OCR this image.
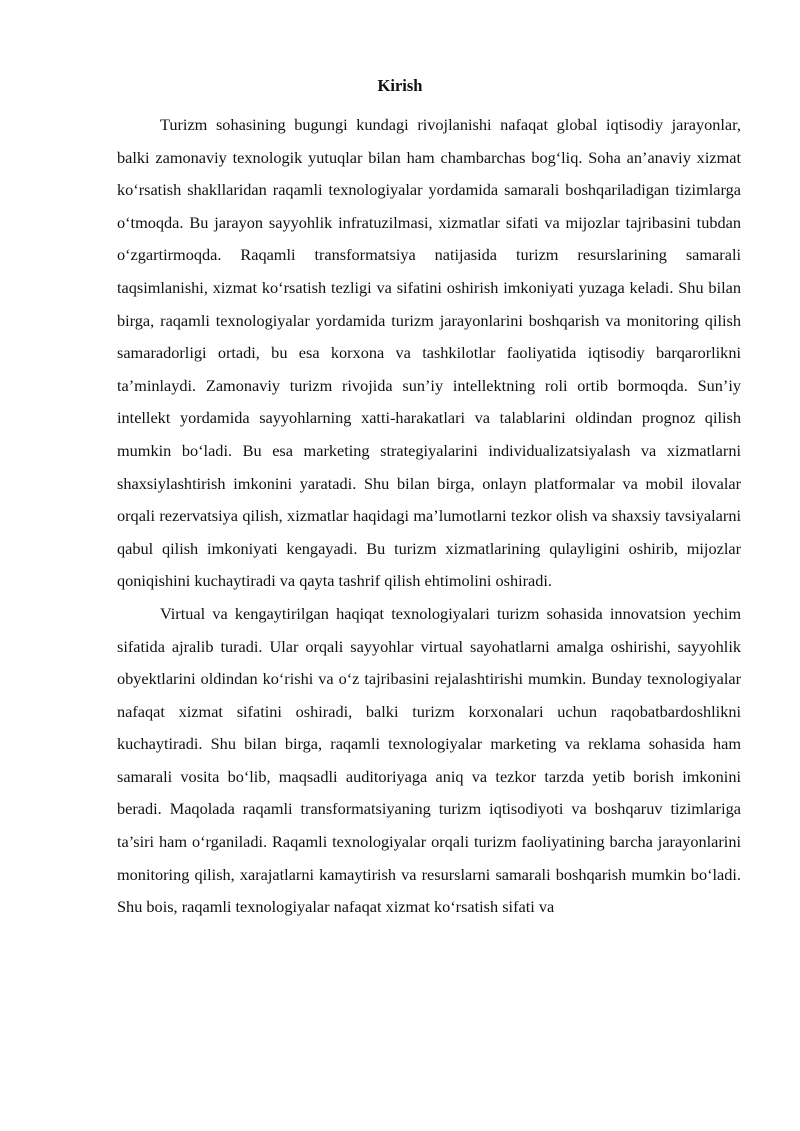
Kirish

Turizm sohasining bugungi kundagi rivojlanishi nafaqat global iqtisodiy jarayonlar, balki zamonaviy texnologik yutuqlar bilan ham chambarchas bog‘liq. Soha an’anaviy xizmat ko‘rsatish shakllaridan raqamli texnologiyalar yordamida samarali boshqariladigan tizimlarga o‘tmoqda. Bu jarayon sayyohlik infratuzilmasi, xizmatlar sifati va mijozlar tajribasini tubdan o‘zgartirmoqda. Raqamli transformatsiya natijasida turizm resurslarining samarali taqsimlanishi, xizmat ko‘rsatish tezligi va sifatini oshirish imkoniyati yuzaga keladi. Shu bilan birga, raqamli texnologiyalar yordamida turizm jarayonlarini boshqarish va monitoring qilish samaradorligi ortadi, bu esa korxona va tashkilotlar faoliyatida iqtisodiy barqarorlikni ta’minlaydi. Zamonaviy turizm rivojida sun’iy intellektning roli ortib bormoqda. Sun’iy intellekt yordamida sayyohlarning xatti-harakatlari va talablarini oldindan prognoz qilish mumkin bo‘ladi. Bu esa marketing strategiyalarini individualizatsiyalash va xizmatlarni shaxsiylashtirish imkonini yaratadi. Shu bilan birga, onlayn platformalar va mobil ilovalar orqali rezervatsiya qilish, xizmatlar haqidagi ma’lumotlarni tezkor olish va shaxsiy tavsiyalarni qabul qilish imkoniyati kengayadi. Bu turizm xizmatlarining qulayligini oshirib, mijozlar qoniqishini kuchaytiradi va qayta tashrif qilish ehtimolini oshiradi.

Virtual va kengaytirilgan haqiqat texnologiyalari turizm sohasida innovatsion yechim sifatida ajralib turadi. Ular orqali sayyohlar virtual sayohatlarni amalga oshirishi, sayyohlik obyektlarini oldindan ko‘rishi va o‘z tajribasini rejalashtirishi mumkin. Bunday texnologiyalar nafaqat xizmat sifatini oshiradi, balki turizm korxonalari uchun raqobatbardoshlikni kuchaytiradi. Shu bilan birga, raqamli texnologiyalar marketing va reklama sohasida ham samarali vosita bo‘lib, maqsadli auditoriyaga aniq va tezkor tarzda yetib borish imkonini beradi. Maqolada raqamli transformatsiyaning turizm iqtisodiyoti va boshqaruv tizimlariga ta’siri ham o‘rganiladi. Raqamli texnologiyalar orqali turizm faoliyatining barcha jarayonlarini monitoring qilish, xarajatlarni kamaytirish va resurslarni samarali boshqarish mumkin bo‘ladi. Shu bois, raqamli texnologiyalar nafaqat xizmat ko‘rsatish sifati va
